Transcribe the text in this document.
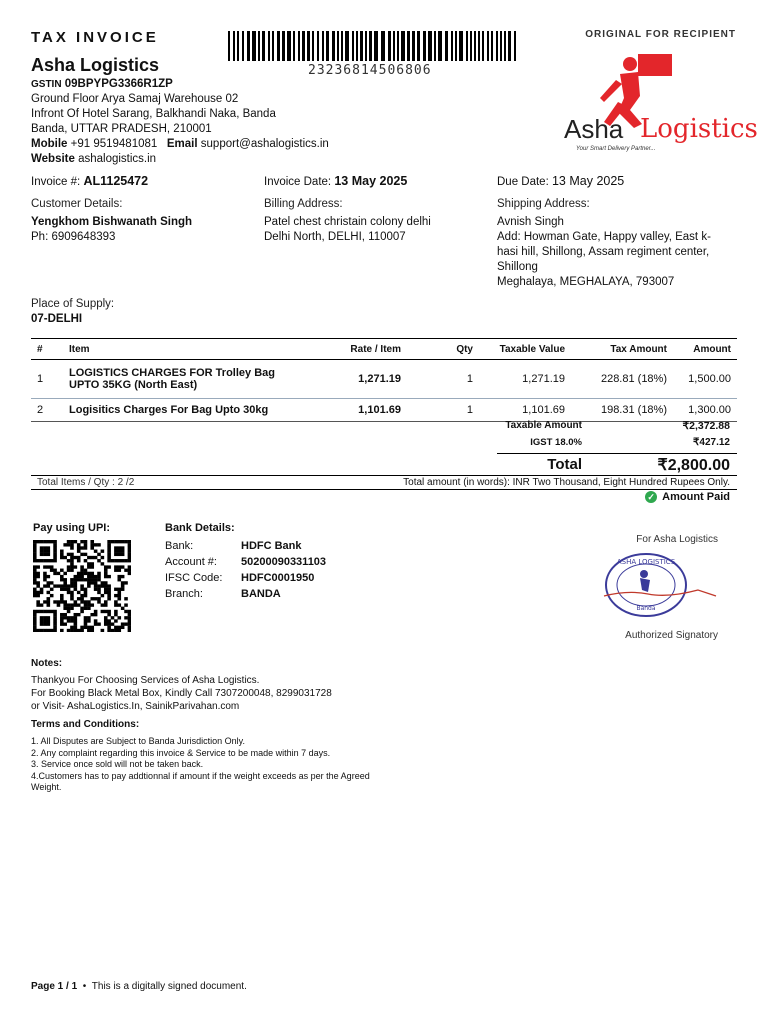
TAX INVOICE	ORIGINAL FOR RECIPIENT
23236814506806
Asha Logistics
GSTIN 09BPYPG3366R1ZP
Ground Floor Arya Samaj Warehouse 02
Infront Of Hotel Sarang, Balkhandi Naka, Banda
Banda, UTTAR PRADESH, 210001
Mobile +91 9519481081 Email support@ashalogistics.in
Website ashalogistics.in
Asha Logistics
Your Smart Delivery Partner...
Invoice #: AL1125472	Invoice Date: 13 May 2025	Due Date: 13 May 2025
Customer Details:
Yengkhom Bishwanath Singh
Ph: 6909648393
Billing Address:
Patel chest christain colony delhi
Delhi North, DELHI, 110007
Shipping Address:
Avnish Singh
Add: Howman Gate, Happy valley, East k-
hasi hill, Shillong, Assam regiment center,
Shillong
Meghalaya, MEGHALAYA, 793007
Place of Supply:
07-DELHI
#	Item	Rate / Item	Qty	Taxable Value	Tax Amount	Amount
1	LOGISTICS CHARGES FOR Trolley Bag
UPTO 35KG (North East)	1,271.19	1	1,271.19	228.81 (18%)	1,500.00
2	Logisitics Charges For Bag Upto 30kg	1,101.69	1	1,101.69	198.31 (18%)	1,300.00
Taxable Amount	₹2,372.88
IGST 18.0%	₹427.12
Total	₹2,800.00
Total Items / Qty : 2 /2	Total amount (in words): INR Two Thousand, Eight Hundred Rupees Only.
✓ Amount Paid
Pay using UPI:	Bank Details:
Bank:	HDFC Bank
Account #:	50200090331103
IFSC Code:	HDFC0001950
Branch:	BANDA
For Asha Logistics
ASHA LOGISTICS
Banda
Authorized Signatory
Notes:
Thankyou For Choosing Services of Asha Logistics.
For Booking Black Metal Box, Kindly Call 7307200048, 8299031728
or Visit- AshaLogistics.In, SainikParivahan.com
Terms and Conditions:
1. All Disputes are Subject to Banda Jurisdiction Only.
2. Any complaint regarding this invoice & Service to be made within 7 days.
3. Service once sold will not be taken back.
4.Customers has to pay addtionnal if amount if the weight exceeds as per the Agreed
Weight.
Page 1 / 1 • This is a digitally signed document.
